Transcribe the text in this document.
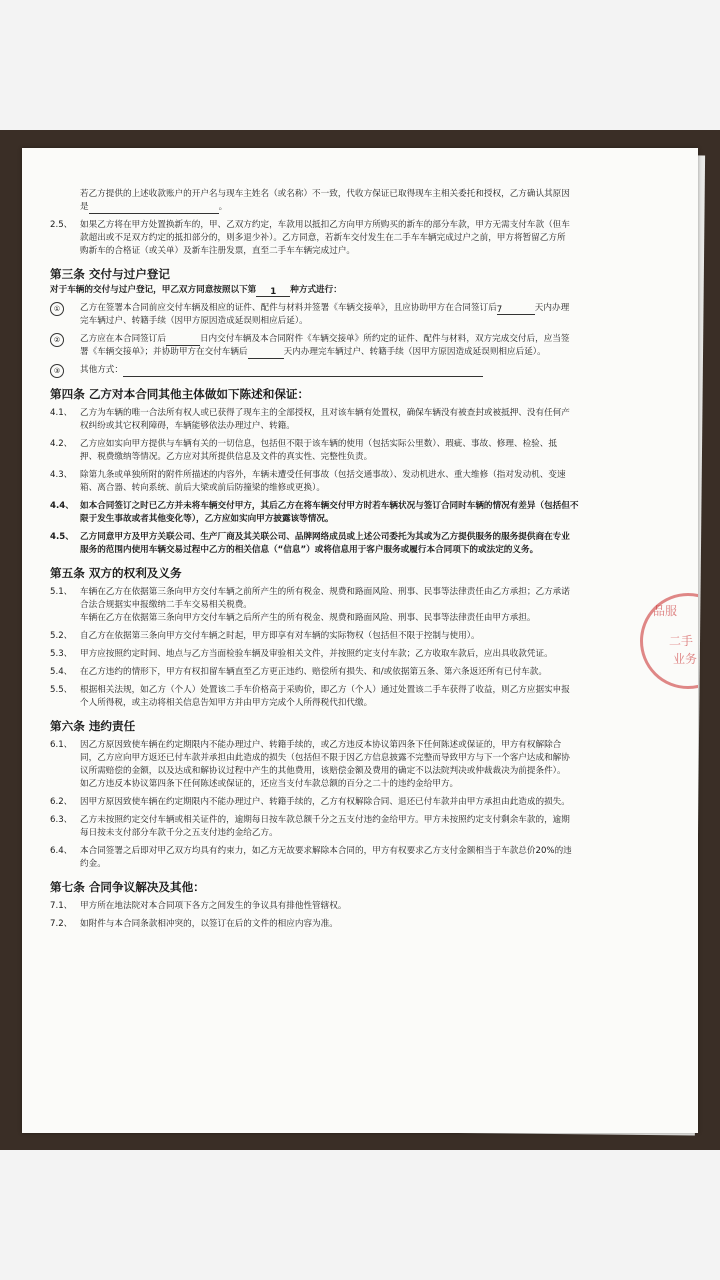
品服
二手
业务
若乙方提供的上述收款账户的开户名与现车主姓名（或名称）不一致，代收方保证已取得现车主相关委托和授权，乙方确认其原因
是	。
2.5、 如果乙方将在甲方处置换新车的，甲、乙双方约定，车款用以抵扣乙方向甲方所购买的新车的部分车款，甲方无需支付车款（但车
款超出或不足双方约定的抵扣部分的，则多退少补）。乙方同意，若新车交付发生在二手车车辆完成过户之前，甲方将暂留乙方所
购新车的合格证（或关单）及新车注册发票，直至二手车车辆完成过户。
第三条 交付与过户登记
对于车辆的交付与过户登记，甲乙双方同意按照以下第 1 种方式进行：
①	乙方在签署本合同前应交付车辆及相应的证件、配件与材料并签署《车辆交接单》，且应协助甲方在合同签订后7	天内办理
完车辆过户、转籍手续（因甲方原因造成延误则相应后延）。
②	乙方应在本合同签订后	日内交付车辆及本合同附件《车辆交接单》所约定的证件、配件与材料，双方完成交付后，应当签
署《车辆交接单》；并协助甲方在交付车辆后	天内办理完车辆过户、转籍手续（因甲方原因造成延误则相应后延）。
③	其他方式：
第四条 乙方对本合同其他主体做如下陈述和保证：
4.1、 乙方为车辆的唯一合法所有权人或已获得了现车主的全部授权，且对该车辆有处置权，确保车辆没有被查封或被抵押、没有任何产
权纠纷或其它权利障碍，车辆能够依法办理过户、转籍。
4.2、 乙方应如实向甲方提供与车辆有关的一切信息，包括但不限于该车辆的使用（包括实际公里数）、瑕疵、事故、修理、检验、抵
押、税费缴纳等情况。乙方应对其所提供信息及文件的真实性、完整性负责。
4.3、 除第九条或单独所附的附件所描述的内容外，车辆未遭受任何事故（包括交通事故）、发动机进水、重大维修（指对发动机、变速
箱、离合器、转向系统、前后大梁或前后防撞梁的维修或更换）。
4.4、 如本合同签订之时已乙方并未将车辆交付甲方，其后乙方在将车辆交付甲方时若车辆状况与签订合同时车辆的情况有差异（包括但不
限于发生事故或者其他变化等），乙方应如实向甲方披露该等情况。
4.5、 乙方同意甲方及甲方关联公司、生产厂商及其关联公司、品牌网络成员或上述公司委托为其或为乙方提供服务的服务提供商在专业
服务的范围内使用车辆交易过程中乙方的相关信息（“信息”）或将信息用于客户服务或履行本合同项下的或法定的义务。
第五条 双方的权利及义务
5.1、 车辆在乙方在依据第三条向甲方交付车辆之前所产生的所有税金、规费和路面风险、刑事、民事等法律责任由乙方承担；乙方承诺
合法合规据实申报缴纳二手车交易相关税费。
车辆在乙方在依据第三条向甲方交付车辆之后所产生的所有税金、规费和路面风险、刑事、民事等法律责任由甲方承担。
5.2、 自乙方在依据第三条向甲方交付车辆之时起，甲方即享有对车辆的实际物权（包括但不限于控制与使用）。
5.3、 甲方应按照约定时间、地点与乙方当面检验车辆及审验相关文件，并按照约定支付车款；乙方收取车款后，应出具收款凭证。
5.4、 在乙方违约的情形下，甲方有权扣留车辆直至乙方更正违约、赔偿所有损失、和/或依据第五条、第六条返还所有已付车款。
5.5、 根据相关法规，如乙方（个人）处置该二手车价格高于采购价，即乙方（个人）通过处置该二手车获得了收益，则乙方应据实申报
个人所得税，或主动将相关信息告知甲方并由甲方完成个人所得税代扣代缴。
第六条 违约责任
6.1、 因乙方原因致使车辆在约定期限内不能办理过户、转籍手续的，或乙方违反本协议第四条下任何陈述或保证的，甲方有权解除合
同，乙方应向甲方返还已付车款并承担由此造成的损失（包括但不限于因乙方信息披露不完整而导致甲方与下一个客户达成和解协
议所需赔偿的金额，以及达成和解协议过程中产生的其他费用，该赔偿金额及费用的确定不以法院判决或仲裁裁决为前提条件）。
如乙方违反本协议第四条下任何陈述或保证的，还应当支付车款总额的百分之二十的违约金给甲方。
6.2、 因甲方原因致使车辆在约定期限内不能办理过户、转籍手续的，乙方有权解除合同、退还已付车款并由甲方承担由此造成的损失。
6.3、 乙方未按照约定交付车辆或相关证件的，逾期每日按车款总额千分之五支付违约金给甲方。甲方未按照约定支付剩余车款的，逾期
每日按未支付部分车款千分之五支付违约金给乙方。
6.4、 本合同签署之后即对甲乙双方均具有约束力，如乙方无故要求解除本合同的，甲方有权要求乙方支付金额相当于车款总价20%的违
约金。
第七条 合同争议解决及其他：
7.1、 甲方所在地法院对本合同项下各方之间发生的争议具有排他性管辖权。
7.2、 如附件与本合同条款相冲突的，以签订在后的文件的相应内容为准。
